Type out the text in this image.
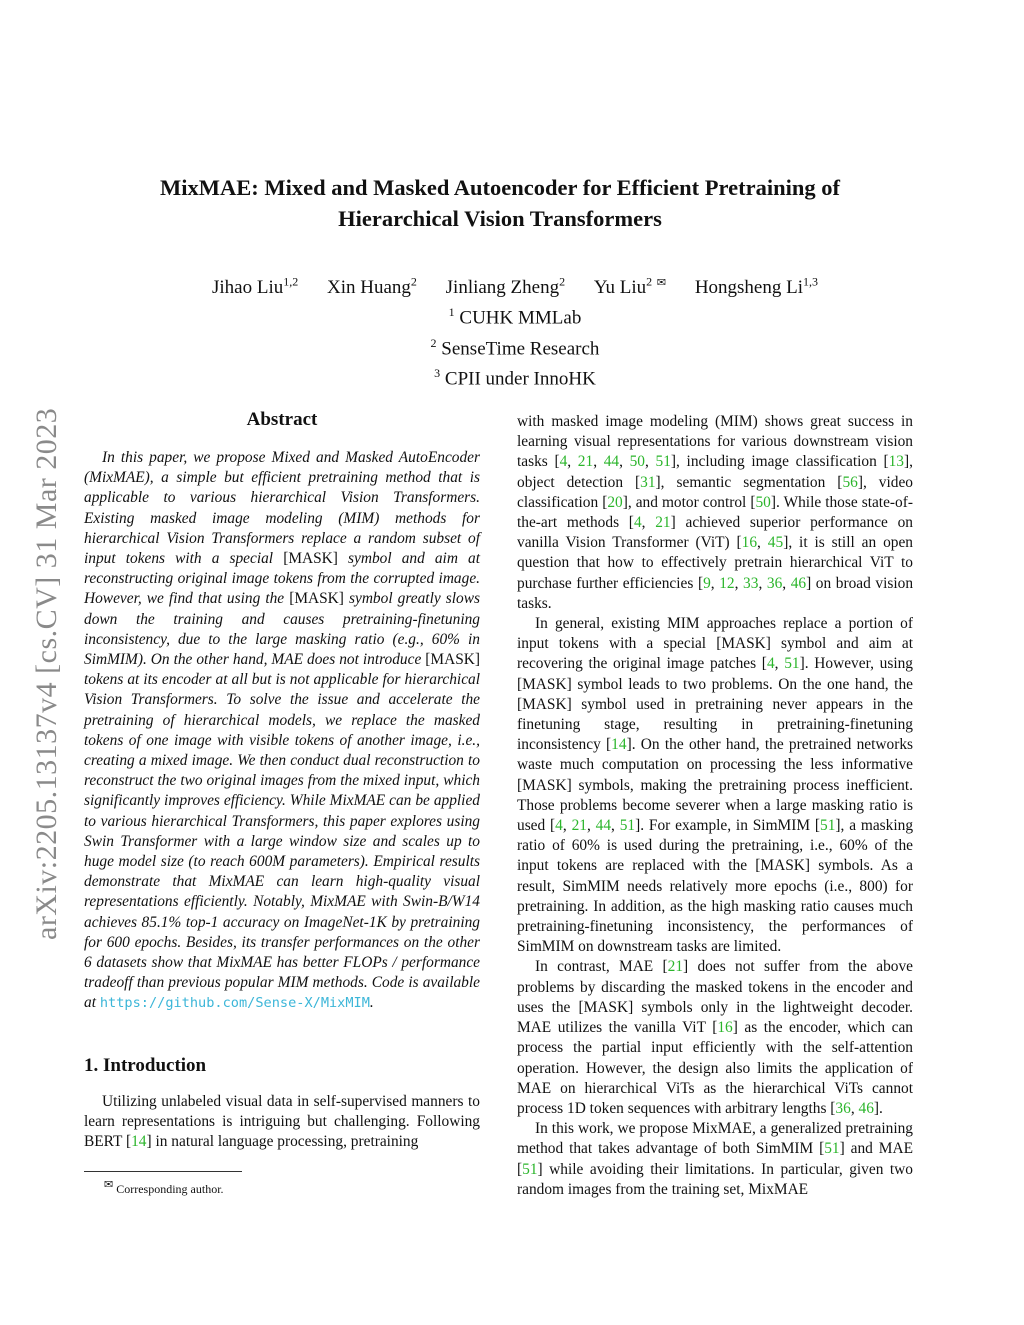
arXiv:2205.13137v4 [cs.CV] 31 Mar 2023
MixMAE: Mixed and Masked Autoencoder for Efficient Pretraining of
Hierarchical Vision Transformers
Jihao Liu$^{1,2}$ Xin Huang$^2$ Jinliang Zheng$^2$ Yu Liu$^2$ ✉ Hongsheng Li$^{1,3}$
$^1$ CUHK MMLab
$^2$ SenseTime Research
$^3$ CPII under InnoHK
Abstract

In this paper, we propose Mixed and Masked AutoEncoder (MixMAE), a simple but efficient pretraining method that is applicable to various hierarchical Vision Transformers. Existing masked image modeling (MIM) methods for hierarchical Vision Transformers replace a random subset of input tokens with a special [MASK] symbol and aim at reconstructing original image tokens from the corrupted image. However, we find that using the [MASK] symbol greatly slows down the training and causes pretraining-finetuning inconsistency, due to the large masking ratio (e.g., 60% in SimMIM). On the other hand, MAE does not introduce [MASK] tokens at its encoder at all but is not applicable for hierarchical Vision Transformers. To solve the issue and accelerate the pretraining of hierarchical models, we replace the masked tokens of one image with visible tokens of another image, i.e., creating a mixed image. We then conduct dual reconstruction to reconstruct the two original images from the mixed input, which significantly improves efficiency. While MixMAE can be applied to various hierarchical Transformers, this paper explores using Swin Transformer with a large window size and scales up to huge model size (to reach 600M parameters). Empirical results demonstrate that MixMAE can learn high-quality visual representations efficiently. Notably, MixMAE with Swin-B/W14 achieves 85.1% top-1 accuracy on ImageNet-1K by pretraining for 600 epochs. Besides, its transfer performances on the other 6 datasets show that MixMAE has better FLOPs / performance tradeoff than previous popular MIM methods. Code is available at https://github.com/Sense-X/MixMIM.

1. Introduction

Utilizing unlabeled visual data in self-supervised manners to learn representations is intriguing but challenging. Following BERT [14] in natural language processing, pretraining

✉ Corresponding author.

with masked image modeling (MIM) shows great success in learning visual representations for various downstream vision tasks [4, 21, 44, 50, 51], including image classification [13], object detection [31], semantic segmentation [56], video classification [20], and motor control [50]. While those state-of-the-art methods [4, 21] achieved superior performance on vanilla Vision Transformer (ViT) [16, 45], it is still an open question that how to effectively pretrain hierarchical ViT to purchase further efficiencies [9, 12, 33, 36, 46] on broad vision tasks.

In general, existing MIM approaches replace a portion of input tokens with a special [MASK] symbol and aim at recovering the original image patches [4, 51]. However, using [MASK] symbol leads to two problems. On the one hand, the [MASK] symbol used in pretraining never appears in the finetuning stage, resulting in pretraining-finetuning inconsistency [14]. On the other hand, the pretrained networks waste much computation on processing the less informative [MASK] symbols, making the pretraining process inefficient. Those problems become severer when a large masking ratio is used [4, 21, 44, 51]. For example, in SimMIM [51], a masking ratio of 60% is used during the pretraining, i.e., 60% of the input tokens are replaced with the [MASK] symbols. As a result, SimMIM needs relatively more epochs (i.e., 800) for pretraining. In addition, as the high masking ratio causes much pretraining-finetuning inconsistency, the performances of SimMIM on downstream tasks are limited.

In contrast, MAE [21] does not suffer from the above problems by discarding the masked tokens in the encoder and uses the [MASK] symbols only in the lightweight decoder. MAE utilizes the vanilla ViT [16] as the encoder, which can process the partial input efficiently with the self-attention operation. However, the design also limits the application of MAE on hierarchical ViTs as the hierarchical ViTs cannot process 1D token sequences with arbitrary lengths [36, 46].

In this work, we propose MixMAE, a generalized pretraining method that takes advantage of both SimMIM [51] and MAE [51] while avoiding their limitations. In particular, given two random images from the training set, MixMAE
